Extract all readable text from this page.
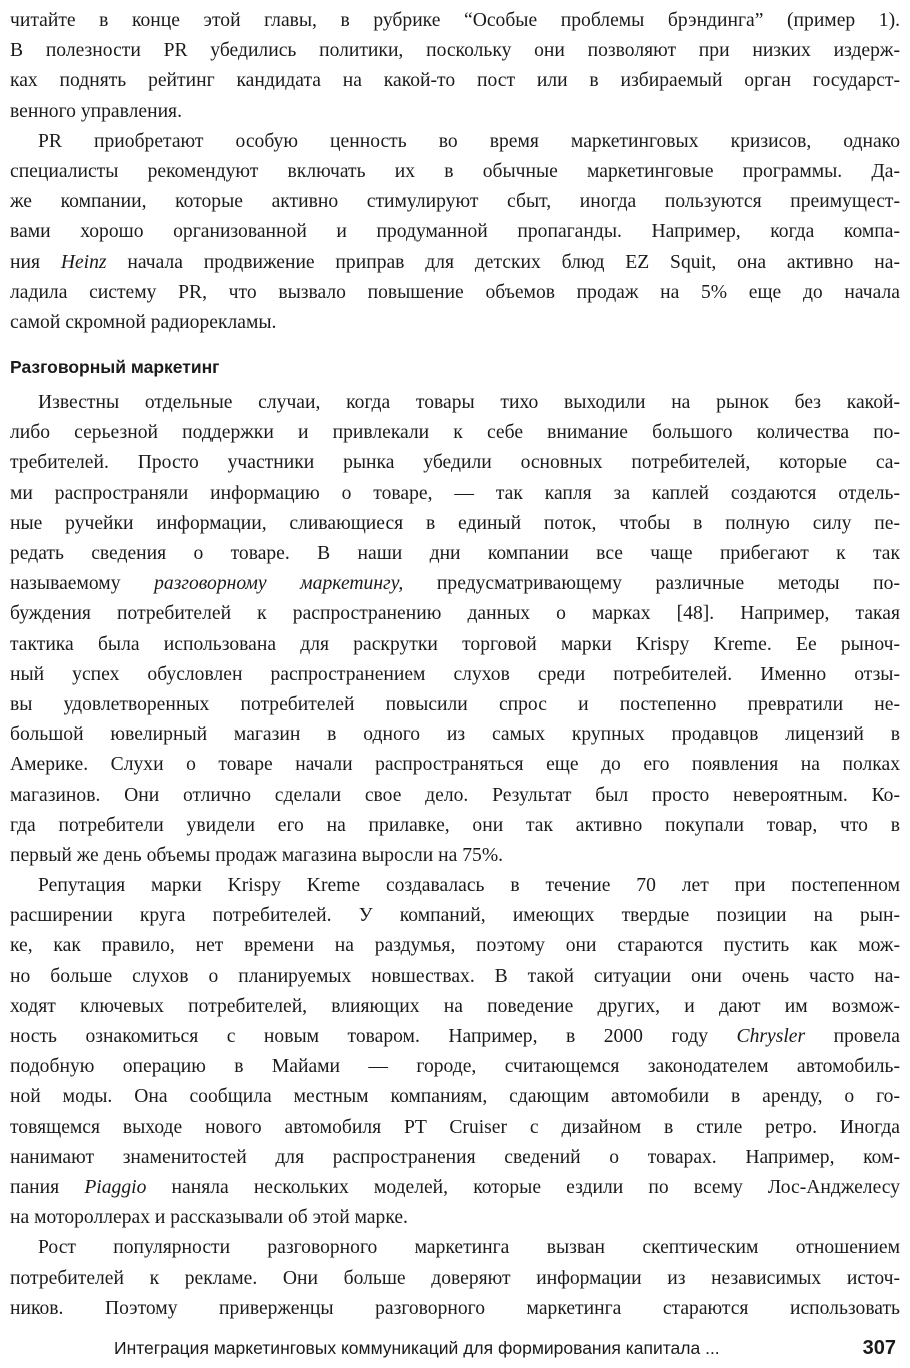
читайте в конце этой главы, в рубрике “Особые проблемы брэндинга” (пример 1).
В полезности PR убедились политики, поскольку они позволяют при низких издерж-
ках поднять рейтинг кандидата на какой-то пост или в избираемый орган государст-
венного управления.
PR приобретают особую ценность во время маркетинговых кризисов, однако
специалисты рекомендуют включать их в обычные маркетинговые программы. Да-
же компании, которые активно стимулируют сбыт, иногда пользуются преимущест-
вами хорошо организованной и продуманной пропаганды. Например, когда компа-
ния Heinz начала продвижение приправ для детских блюд EZ Squit, она активно на-
ладила систему PR, что вызвало повышение объемов продаж на 5% еще до начала
самой скромной радиорекламы.
Разговорный маркетинг
Известны отдельные случаи, когда товары тихо выходили на рынок без какой-
либо серьезной поддержки и привлекали к себе внимание большого количества по-
требителей. Просто участники рынка убедили основных потребителей, которые са-
ми распространяли информацию о товаре, — так капля за каплей создаются отдель-
ные ручейки информации, сливающиеся в единый поток, чтобы в полную силу пе-
редать сведения о товаре. В наши дни компании все чаще прибегают к так
называемому разговорному маркетингу, предусматривающему различные методы по-
буждения потребителей к распространению данных о марках [48]. Например, такая
тактика была использована для раскрутки торговой марки Krispy Kreme. Ее рыноч-
ный успех обусловлен распространением слухов среди потребителей. Именно отзы-
вы удовлетворенных потребителей повысили спрос и постепенно превратили не-
большой ювелирный магазин в одного из самых крупных продавцов лицензий в
Америке. Слухи о товаре начали распространяться еще до его появления на полках
магазинов. Они отлично сделали свое дело. Результат был просто невероятным. Ко-
гда потребители увидели его на прилавке, они так активно покупали товар, что в
первый же день объемы продаж магазина выросли на 75%.
Репутация марки Krispy Kreme создавалась в течение 70 лет при постепенном
расширении круга потребителей. У компаний, имеющих твердые позиции на рын-
ке, как правило, нет времени на раздумья, поэтому они стараются пустить как мож-
но больше слухов о планируемых новшествах. В такой ситуации они очень часто на-
ходят ключевых потребителей, влияющих на поведение других, и дают им возмож-
ность ознакомиться с новым товаром. Например, в 2000 году Chrysler провела
подобную операцию в Майами — городе, считающемся законодателем автомобиль-
ной моды. Она сообщила местным компаниям, сдающим автомобили в аренду, о го-
товящемся выходе нового автомобиля PT Cruiser с дизайном в стиле ретро. Иногда
нанимают знаменитостей для распространения сведений о товарах. Например, ком-
пания Piaggio наняла нескольких моделей, которые ездили по всему Лос-Анджелесу
на мотороллерах и рассказывали об этой марке.
Рост популярности разговорного маркетинга вызван скептическим отношением
потребителей к рекламе. Они больше доверяют информации из независимых источ-
ников. Поэтому приверженцы разговорного маркетинга стараются использовать
Интеграция маркетинговых коммуникаций для формирования капитала ...	307
